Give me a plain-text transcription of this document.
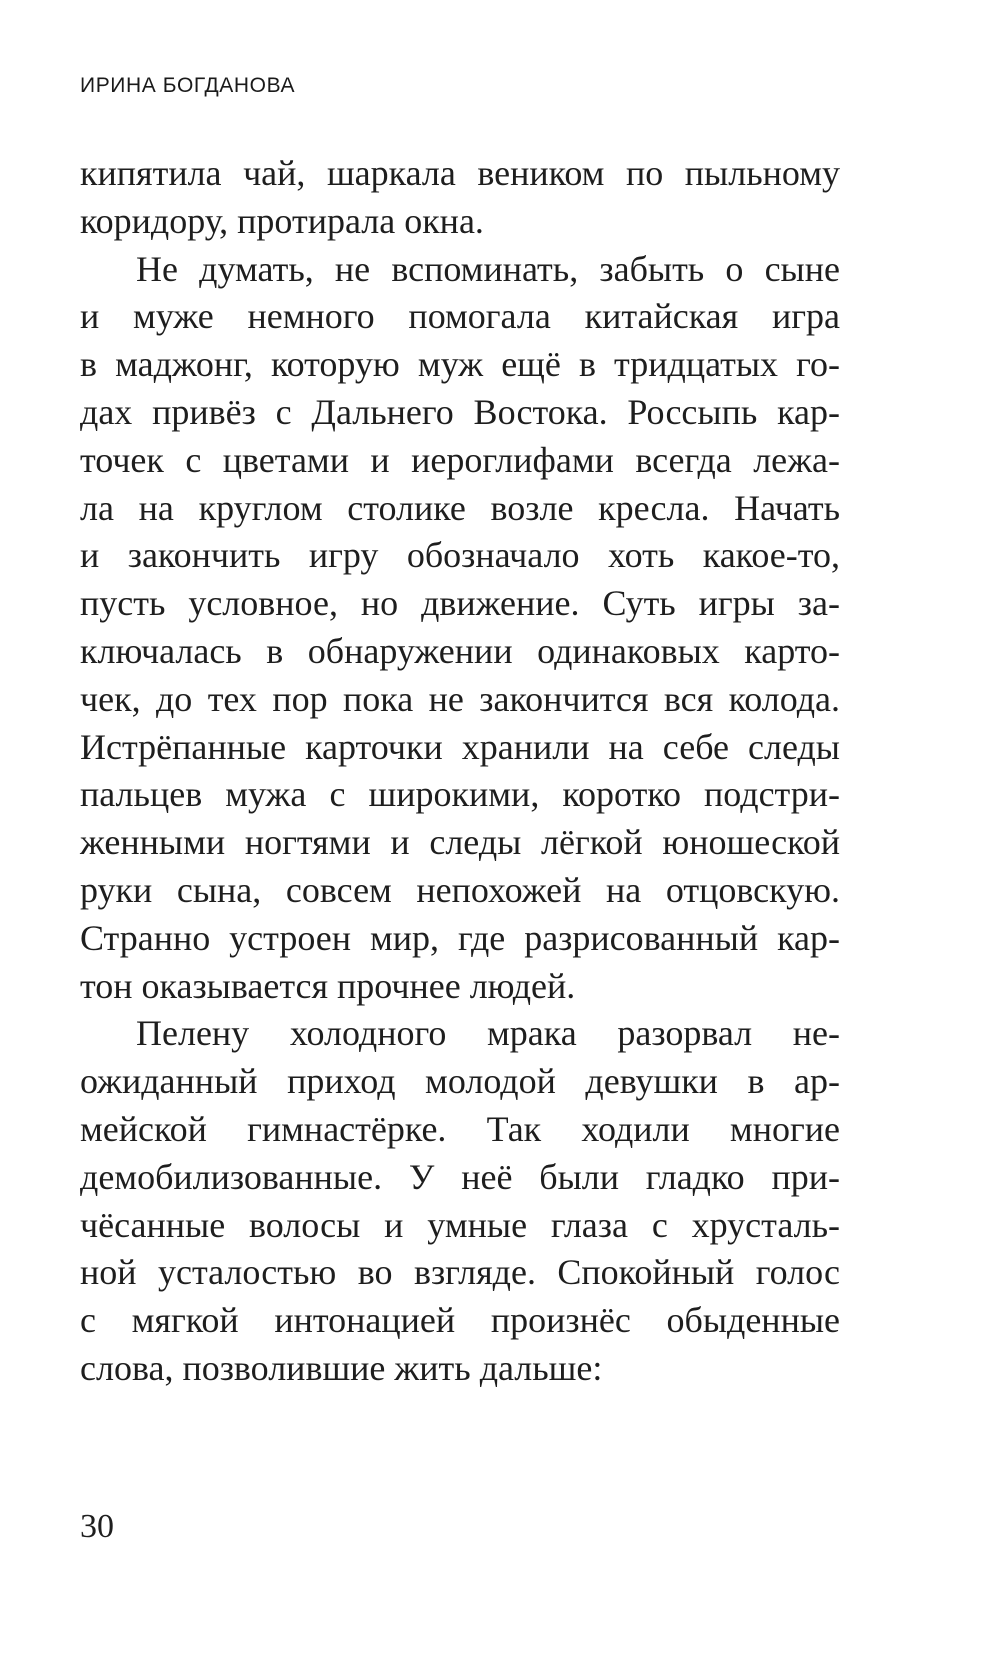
ИРИНА БОГДАНОВА
кипятила чай, шаркала веником по пыльному
коридору, протирала окна.
Не думать, не вспоминать, забыть о сыне
и муже немного помогала китайская игра
в маджонг, которую муж ещё в тридцатых го-
дах привёз с Дальнего Востока. Россыпь кар-
точек с цветами и иероглифами всегда лежа-
ла на круглом столике возле кресла. Начать
и закончить игру обозначало хоть какое-то,
пусть условное, но движение. Суть игры за-
ключалась в обнаружении одинаковых карто-
чек, до тех пор пока не закончится вся колода.
Истрёпанные карточки хранили на себе следы
пальцев мужа с широкими, коротко подстри-
женными ногтями и следы лёгкой юношеской
руки сына, совсем непохожей на отцовскую.
Странно устроен мир, где разрисованный кар-
тон оказывается прочнее людей.
Пелену холодного мрака разорвал не-
ожиданный приход молодой девушки в ар-
мейской гимнастёрке. Так ходили многие
демобилизованные. У неё были гладко при-
чёсанные волосы и умные глаза с хрусталь-
ной усталостью во взгляде. Спокойный голос
с мягкой интонацией произнёс обыденные
слова, позволившие жить дальше:
30
